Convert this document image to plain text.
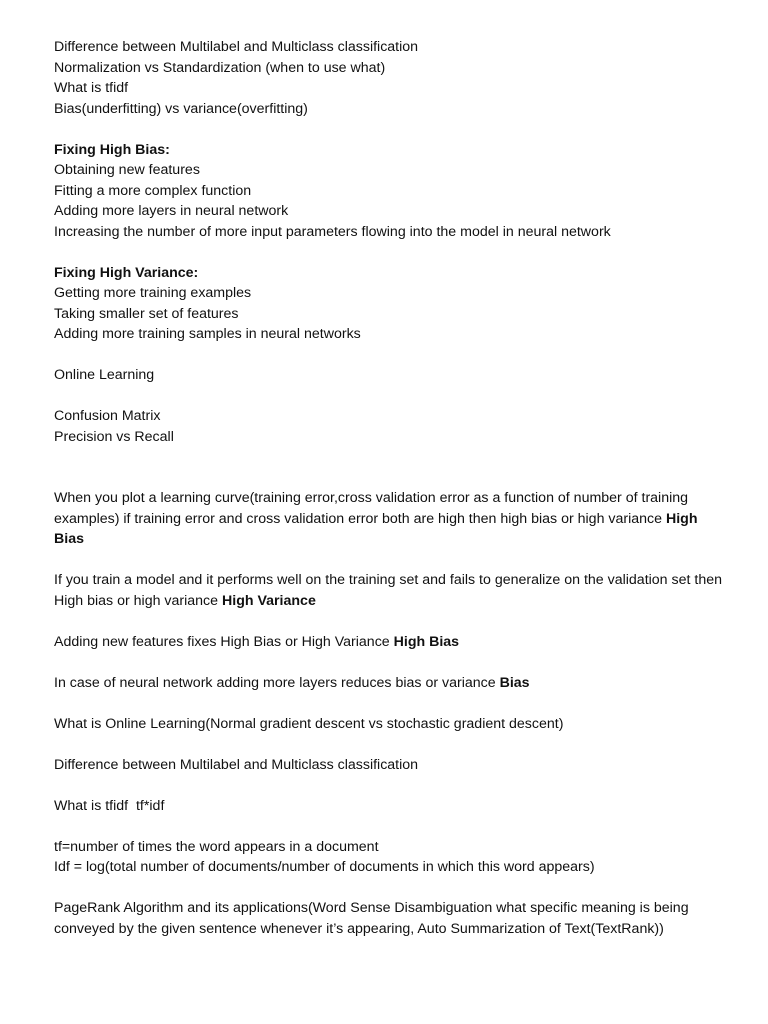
Difference between Multilabel and Multiclass classification

Normalization vs Standardization (when to use what)

What is tfidf

Bias(underfitting) vs variance(overfitting)

Fixing High Bias:

Obtaining new features

Fitting a more complex function

Adding more layers in neural network

Increasing the number of more input parameters flowing into the model in neural network

Fixing High Variance:

Getting more training examples

Taking smaller set of features

Adding more training samples in neural networks

Online Learning

Confusion Matrix

Precision vs Recall

When you plot a learning curve(training error,cross validation error as a function of number of training examples) if training error and cross validation error both are high then high bias or high variance High Bias

If you train a model and it performs well on the training set and fails to generalize on the validation set then High bias or high variance High Variance

Adding new features fixes High Bias or High Variance High Bias

In case of neural network adding more layers reduces bias or variance Bias

What is Online Learning(Normal gradient descent vs stochastic gradient descent)

Difference between Multilabel and Multiclass classification

What is tfidf  tf*idf

tf=number of times the word appears in a document

Idf = log(total number of documents/number of documents in which this word appears)

PageRank Algorithm and its applications(Word Sense Disambiguation what specific meaning is being conveyed by the given sentence whenever it’s appearing, Auto Summarization of Text(TextRank))
